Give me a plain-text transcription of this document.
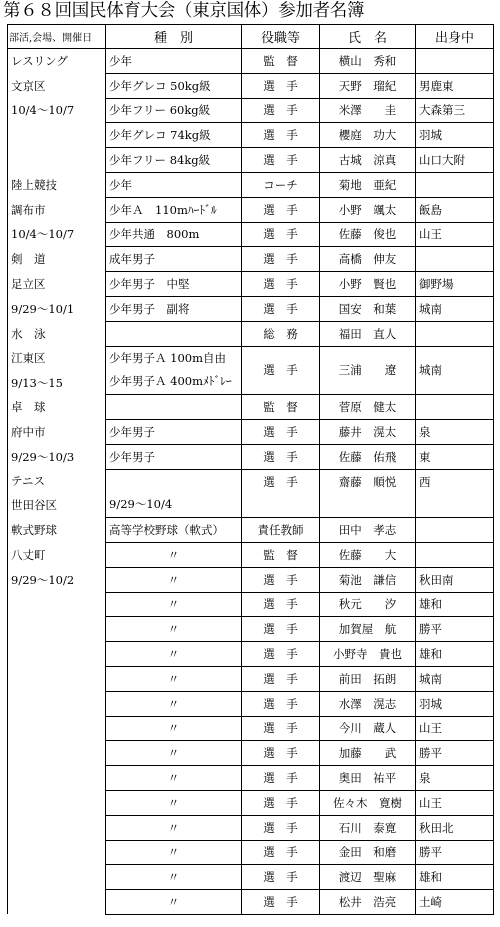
第６８回国民体育大会（東京国体）参加者名簿
部活,会場、開催日	種　別	役職等	氏　名	出身中
レスリング	少年	監　督	横山　秀和	
文京区	少年グレコ 50kg級	選　手	天野　瑠紀	男鹿東
10/4〜10/7	少年フリー 60kg級	選　手	米澤　　圭	大森第三
	少年グレコ 74kg級	選　手	櫻庭　功大	羽城
	少年フリー 84kg級	選　手	古城　涼真	山口大附
陸上競技	少年	コーチ	菊地　亜紀	
調布市	少年Ａ　110mﾊｰﾄﾞﾙ	選　手	小野　颯太	飯島
10/4〜10/7	少年共通　800m	選　手	佐藤　俊也	山王
剣　道	成年男子	選　手	高橋　伸友	
足立区	少年男子　中堅	選　手	小野　賢也	御野場
9/29〜10/1	少年男子　副将	選　手	国安　和葉	城南
水　泳		総　務	福田　直人	
江東区	少年男子Ａ 100m自由	選　手	三浦　　遼	城南
9/13〜15	少年男子Ａ 400mﾒﾄﾞﾚｰ			
卓　球		監　督	菅原　健太	
府中市	少年男子	選　手	藤井　滉太	泉
9/29〜10/3	少年男子	選　手	佐藤　佑飛	東
テニス		選　手	齋藤　順悦	西
世田谷区	9/29〜10/4			
軟式野球	高等学校野球（軟式）	責任教師	田中　孝志	
八丈町	〃	監　督	佐藤　　大	
9/29〜10/2	〃	選　手	菊池　謙信	秋田南
	〃	選　手	秋元　　汐	雄和
	〃	選　手	加賀屋　航	勝平
	〃	選　手	小野寺　貴也	雄和
	〃	選　手	前田　拓朗	城南
	〃	選　手	水澤　滉志	羽城
	〃	選　手	今川　蔵人	山王
	〃	選　手	加藤　　武	勝平
	〃	選　手	奥田　祐平	泉
	〃	選　手	佐々木　寛樹	山王
	〃	選　手	石川　泰寛	秋田北
	〃	選　手	金田　和磨	勝平
	〃	選　手	渡辺　聖麻	雄和
	〃	選　手	松井　浩亮	土崎
